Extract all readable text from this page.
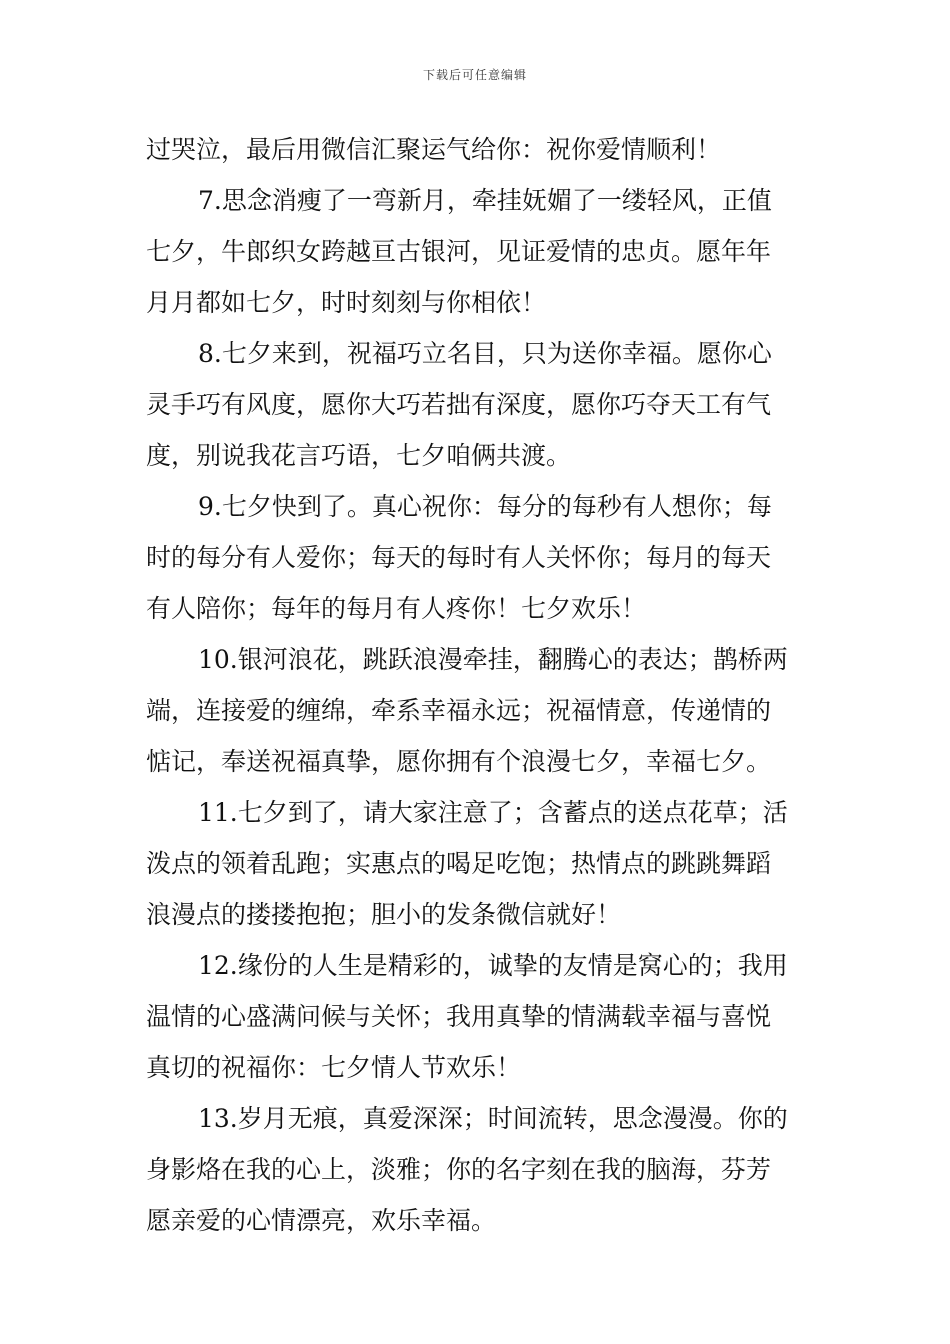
下载后可任意编辑
过哭泣，最后用微信汇聚运气给你：祝你爱情顺利！
7.思念消瘦了一弯新月，牵挂妩媚了一缕轻风，正值
七夕，牛郎织女跨越亘古银河，见证爱情的忠贞。愿年年
月月都如七夕，时时刻刻与你相依！
8.七夕来到，祝福巧立名目，只为送你幸福。愿你心
灵手巧有风度，愿你大巧若拙有深度，愿你巧夺天工有气
度，别说我花言巧语，七夕咱俩共渡。
9.七夕快到了。真心祝你：每分的每秒有人想你；每
时的每分有人爱你；每天的每时有人关怀你；每月的每天
有人陪你；每年的每月有人疼你！七夕欢乐！
10.银河浪花，跳跃浪漫牵挂，翻腾心的表达；鹊桥两
端，连接爱的缠绵，牵系幸福永远；祝福情意，传递情的
惦记，奉送祝福真挚，愿你拥有个浪漫七夕，幸福七夕。
11.七夕到了，请大家注意了；含蓄点的送点花草；活
泼点的领着乱跑；实惠点的喝足吃饱；热情点的跳跳舞蹈
浪漫点的搂搂抱抱；胆小的发条微信就好！
12.缘份的人生是精彩的，诚挚的友情是窝心的；我用
温情的心盛满问候与关怀；我用真挚的情满载幸福与喜悦
真切的祝福你：七夕情人节欢乐！
13.岁月无痕，真爱深深；时间流转，思念漫漫。你的
身影烙在我的心上，淡雅；你的名字刻在我的脑海，芬芳
愿亲爱的心情漂亮，欢乐幸福。
